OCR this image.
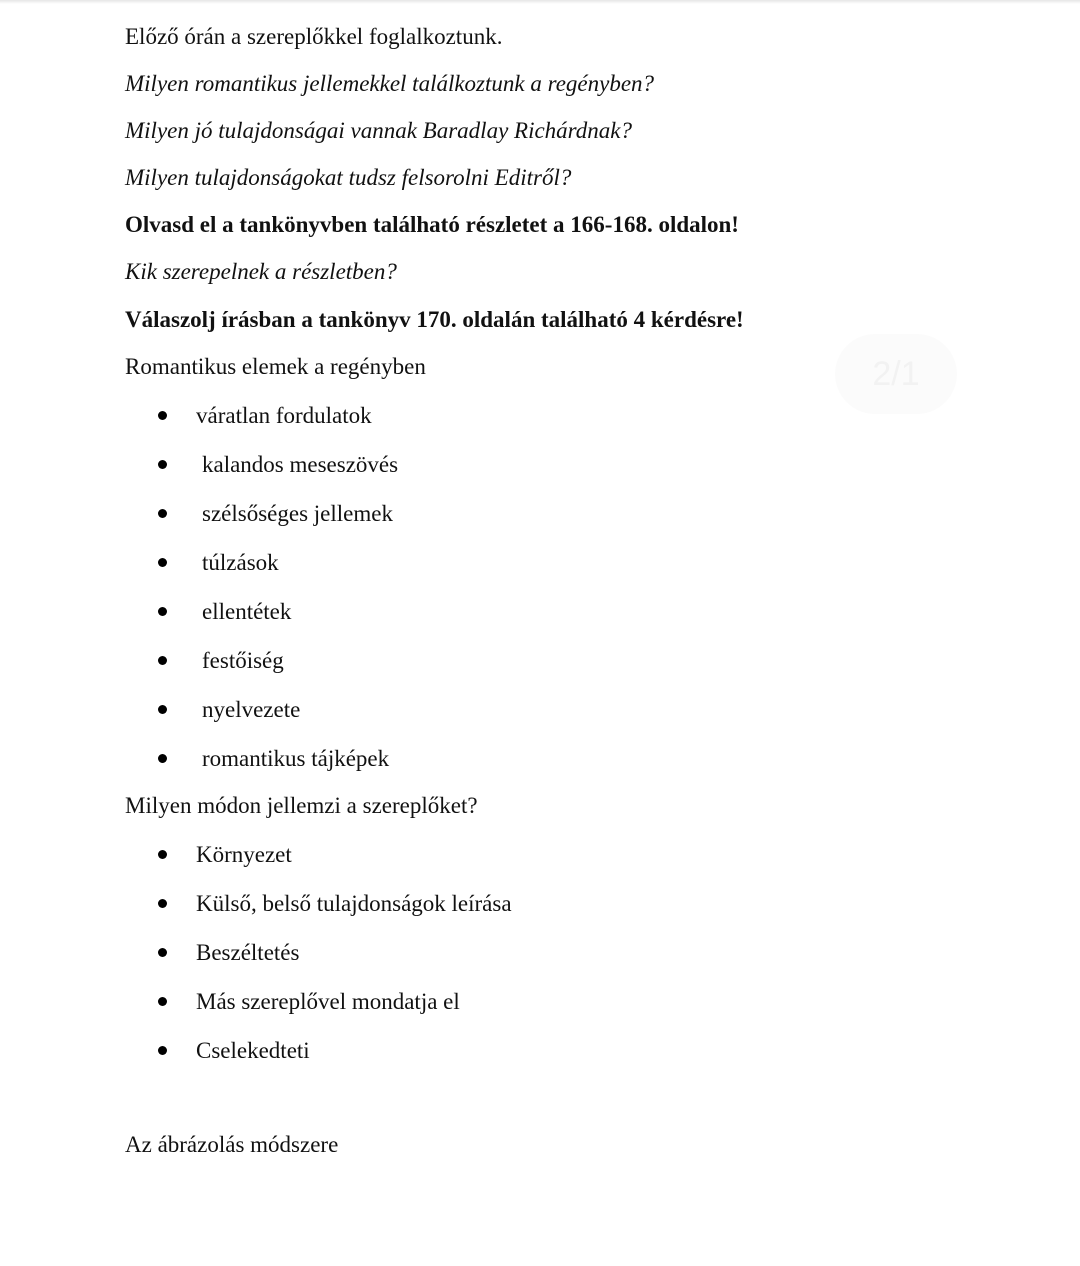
Előző órán a szereplőkkel foglalkoztunk.
Milyen romantikus jellemekkel találkoztunk a regényben?
Milyen jó tulajdonságai vannak Baradlay Richárdnak?
Milyen tulajdonságokat tudsz felsorolni Editről?
Olvasd el a tankönyvben található részletet a 166-168. oldalon!
Kik szerepelnek a részletben?
Válaszolj írásban a tankönyv 170. oldalán található 4 kérdésre!
Romantikus elemek a regényben
váratlan fordulatok
kalandos meseszövés
szélsőséges jellemek
túlzások
ellentétek
festőiség
nyelvezete
romantikus tájképek
Milyen módon jellemzi a szereplőket?
Környezet
Külső, belső tulajdonságok leírása
Beszéltetés
Más szereplővel mondatja el
Cselekedteti
Az ábrázolás módszere
2/1
